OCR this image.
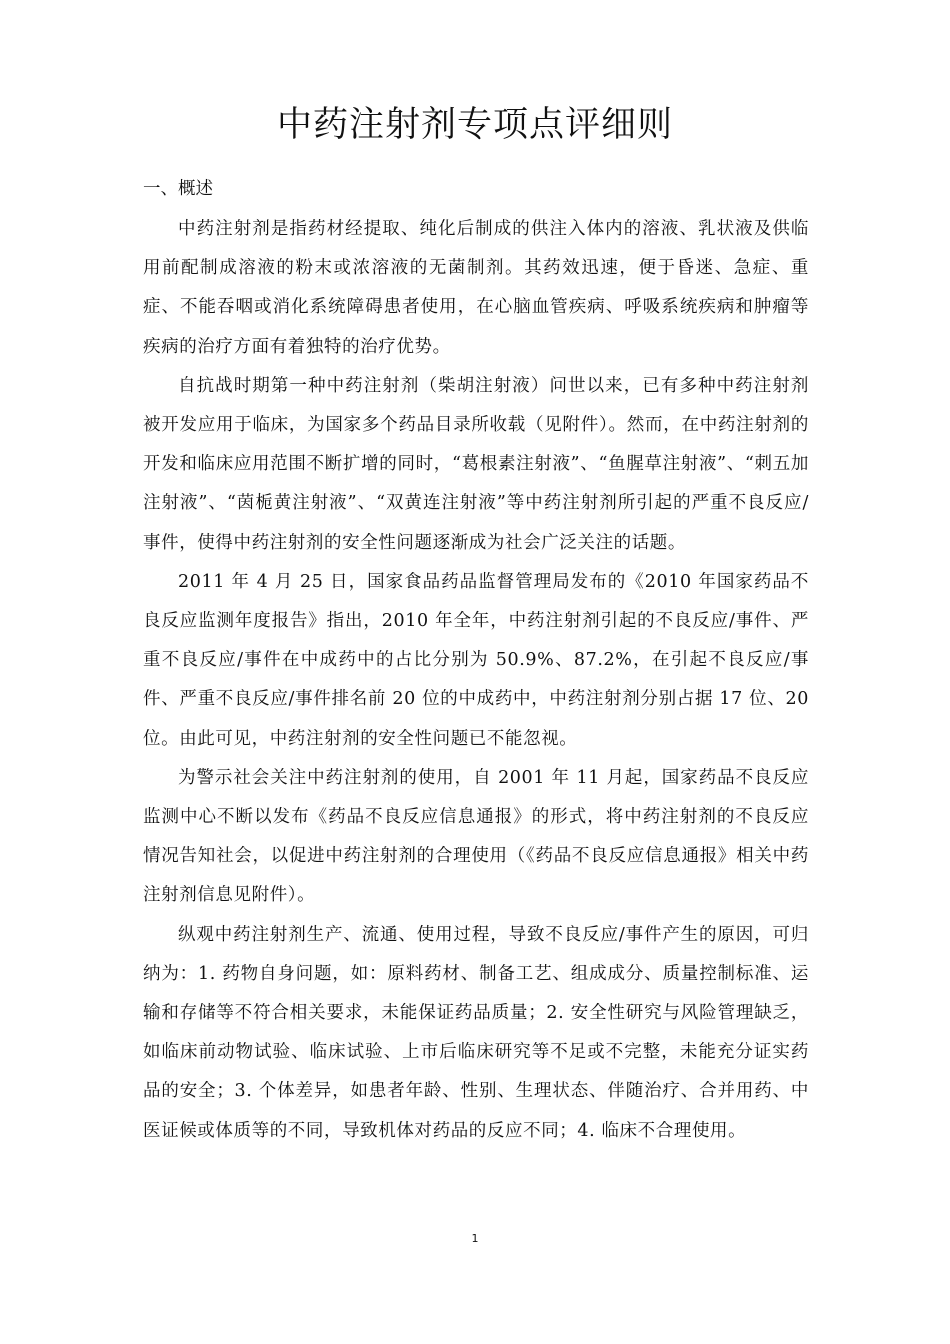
中药注射剂专项点评细则
一、概述

中药注射剂是指药材经提取、纯化后制成的供注入体内的溶液、乳状液及供临用前配制成溶液的粉末或浓溶液的无菌制剂。其药效迅速，便于昏迷、急症、重症、不能吞咽或消化系统障碍患者使用，在心脑血管疾病、呼吸系统疾病和肿瘤等疾病的治疗方面有着独特的治疗优势。

自抗战时期第一种中药注射剂（柴胡注射液）问世以来，已有多种中药注射剂被开发应用于临床，为国家多个药品目录所收载（见附件）。然而，在中药注射剂的开发和临床应用范围不断扩增的同时，“葛根素注射液”、“鱼腥草注射液”、“刺五加注射液”、“茵栀黄注射液”、“双黄连注射液”等中药注射剂所引起的严重不良反应/事件，使得中药注射剂的安全性问题逐渐成为社会广泛关注的话题。

2011 年 4 月 25 日，国家食品药品监督管理局发布的《2010 年国家药品不良反应监测年度报告》指出，2010 年全年，中药注射剂引起的不良反应/事件、严重不良反应/事件在中成药中的占比分别为 50.9%、87.2%，在引起不良反应/事件、严重不良反应/事件排名前 20 位的中成药中，中药注射剂分别占据 17 位、20 位。由此可见，中药注射剂的安全性问题已不能忽视。

为警示社会关注中药注射剂的使用，自 2001 年 11 月起，国家药品不良反应监测中心不断以发布《药品不良反应信息通报》的形式，将中药注射剂的不良反应情况告知社会，以促进中药注射剂的合理使用（《药品不良反应信息通报》相关中药注射剂信息见附件）。

纵观中药注射剂生产、流通、使用过程，导致不良反应/事件产生的原因，可归纳为：1. 药物自身问题，如：原料药材、制备工艺、组成成分、质量控制标准、运输和存储等不符合相关要求，未能保证药品质量；2. 安全性研究与风险管理缺乏，如临床前动物试验、临床试验、上市后临床研究等不足或不完整，未能充分证实药品的安全；3. 个体差异，如患者年龄、性别、生理状态、伴随治疗、合并用药、中医证候或体质等的不同，导致机体对药品的反应不同；4. 临床不合理使用。

1
